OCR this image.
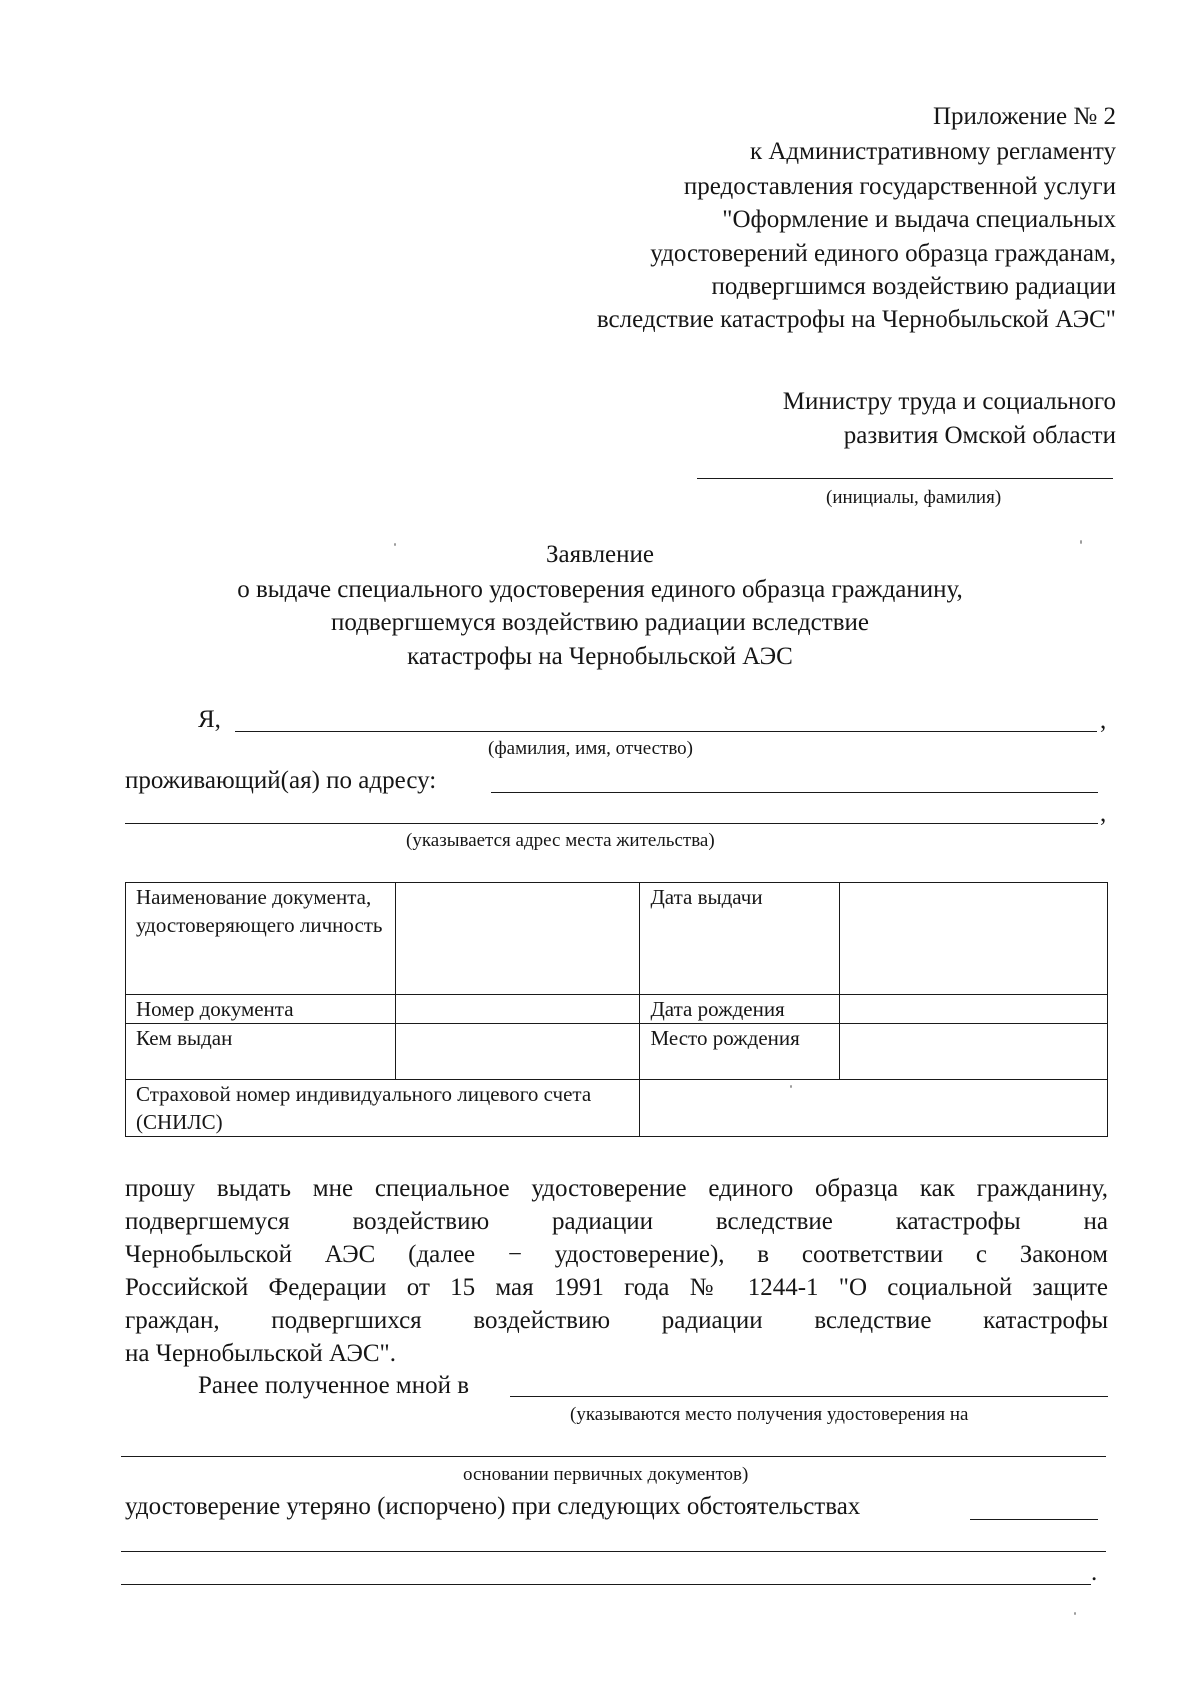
Приложение № 2
к Административному регламенту
предоставления государственной услуги
"Оформление и выдача специальных
удостоверений единого образца гражданам,
подвергшимся воздействию радиации
вследствие катастрофы на Чернобыльской АЭС"
Министру труда и социального
развития Омской области
(инициалы, фамилия)
Заявление
о выдаче специального удостоверения единого образца гражданину,
подвергшемуся воздействию радиации вследствие
катастрофы на Чернобыльской АЭС
Я,	,
(фамилия, имя, отчество)
проживающий(ая) по адресу:
,
(указывается адрес места жительства)
Наименование документа, удостоверяющего личность		Дата выдачи	
Номер документа		Дата рождения	
Кем выдан		Место рождения	
Страховой номер индивидуального лицевого счета (СНИЛС)			
прошу выдать мне специальное удостоверение единого образца как гражданину,
подвергшемуся воздействию радиации вследствие катастрофы на
Чернобыльской АЭС (далее − удостоверение), в соответствии с Законом
Российской Федерации от 15 мая 1991 года № 1244-1 "О социальной защите
граждан, подвергшихся воздействию радиации вследствие катастрофы
на Чернобыльской АЭС".
Ранее полученное мной в
(указываются место получения удостоверения на
основании первичных документов)
удостоверение утеряно (испорчено) при следующих обстоятельствах
.
